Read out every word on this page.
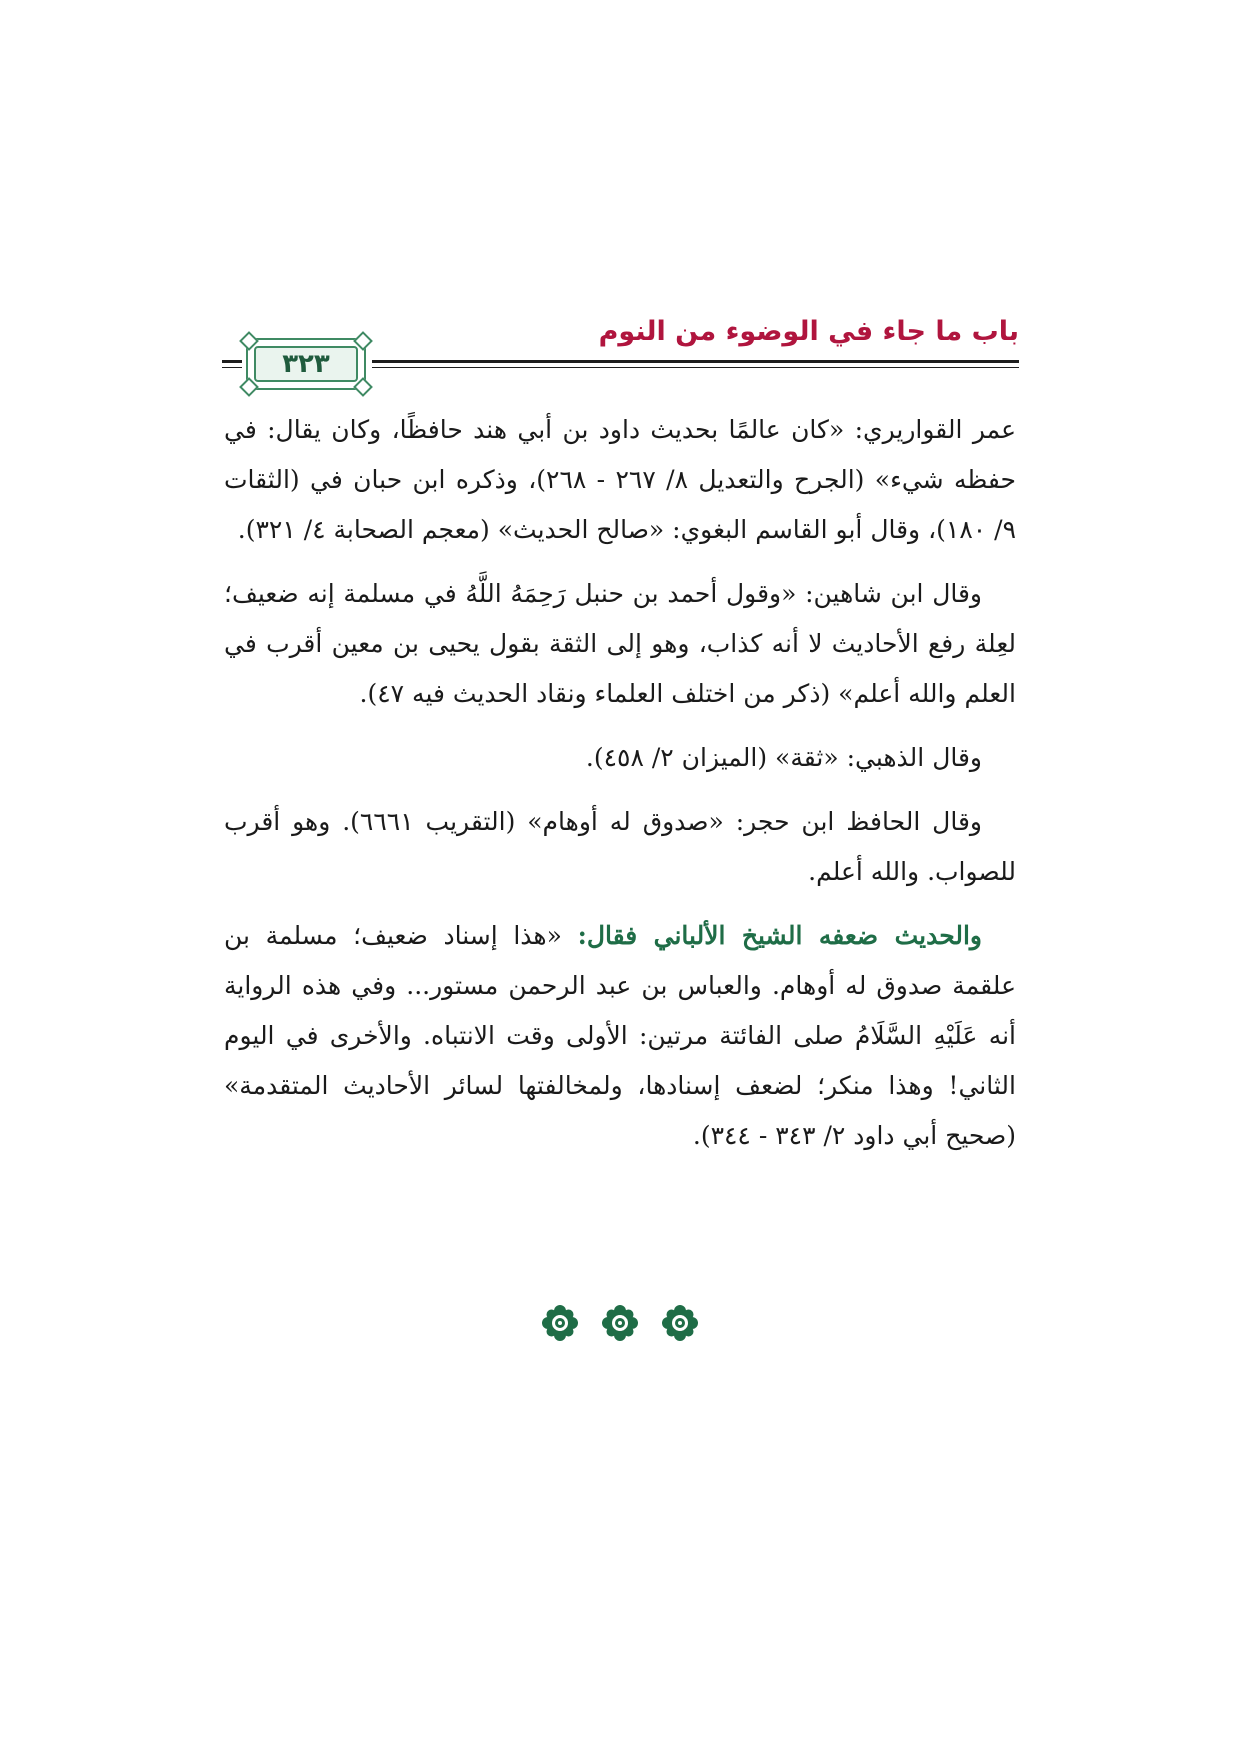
باب ما جاء في الوضوء من النوم
٣٢٣

عمر القواريري: «كان عالمًا بحديث داود بن أبي هند حافظًا، وكان يقال: في حفظه شيء» (الجرح والتعديل ٨/ ٢٦٧ - ٢٦٨)، وذكره ابن حبان في (الثقات ٩/ ١٨٠)، وقال أبو القاسم البغوي: «صالح الحديث» (معجم الصحابة ٤/ ٣٢١).

وقال ابن شاهين: «وقول أحمد بن حنبل رَحِمَهُ اللَّهُ في مسلمة إنه ضعيف؛ لعِلة رفع الأحاديث لا أنه كذاب، وهو إلى الثقة بقول يحيى بن معين أقرب في العلم والله أعلم» (ذكر من اختلف العلماء ونقاد الحديث فيه ٤٧).

وقال الذهبي: «ثقة» (الميزان ٢/ ٤٥٨).

وقال الحافظ ابن حجر: «صدوق له أوهام» (التقريب ٦٦٦١). وهو أقرب للصواب. والله أعلم.

والحديث ضعفه الشيخ الألباني فقال: «هذا إسناد ضعيف؛ مسلمة بن علقمة صدوق له أوهام. والعباس بن عبد الرحمن مستور... وفي هذه الرواية أنه عَلَيْهِ السَّلَامُ صلى الفائتة مرتين: الأولى وقت الانتباه. والأخرى في اليوم الثاني! وهذا منكر؛ لضعف إسنادها، ولمخالفتها لسائر الأحاديث المتقدمة» (صحيح أبي داود ٢/ ٣٤٣ - ٣٤٤).
